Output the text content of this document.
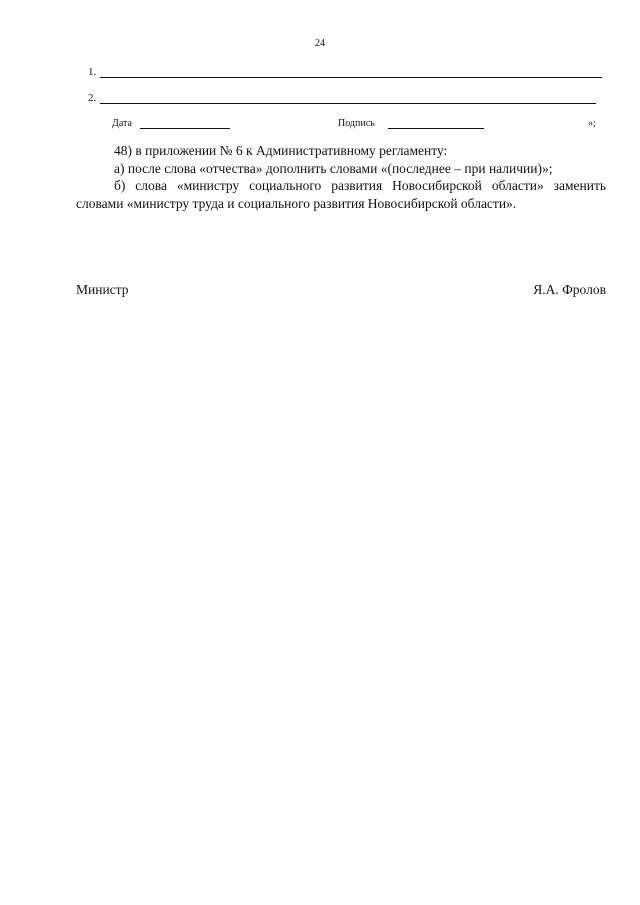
24
1.
2.
Дата	Подпись	»;

48) в приложении № 6 к Административному регламенту:

а) после слова «отчества» дополнить словами «(последнее – при наличии)»;

б) слова «министру социального развития Новосибирской области» заменить словами «министру труда и социального развития Новосибирской области».

Министр	Я.А. Фролов
